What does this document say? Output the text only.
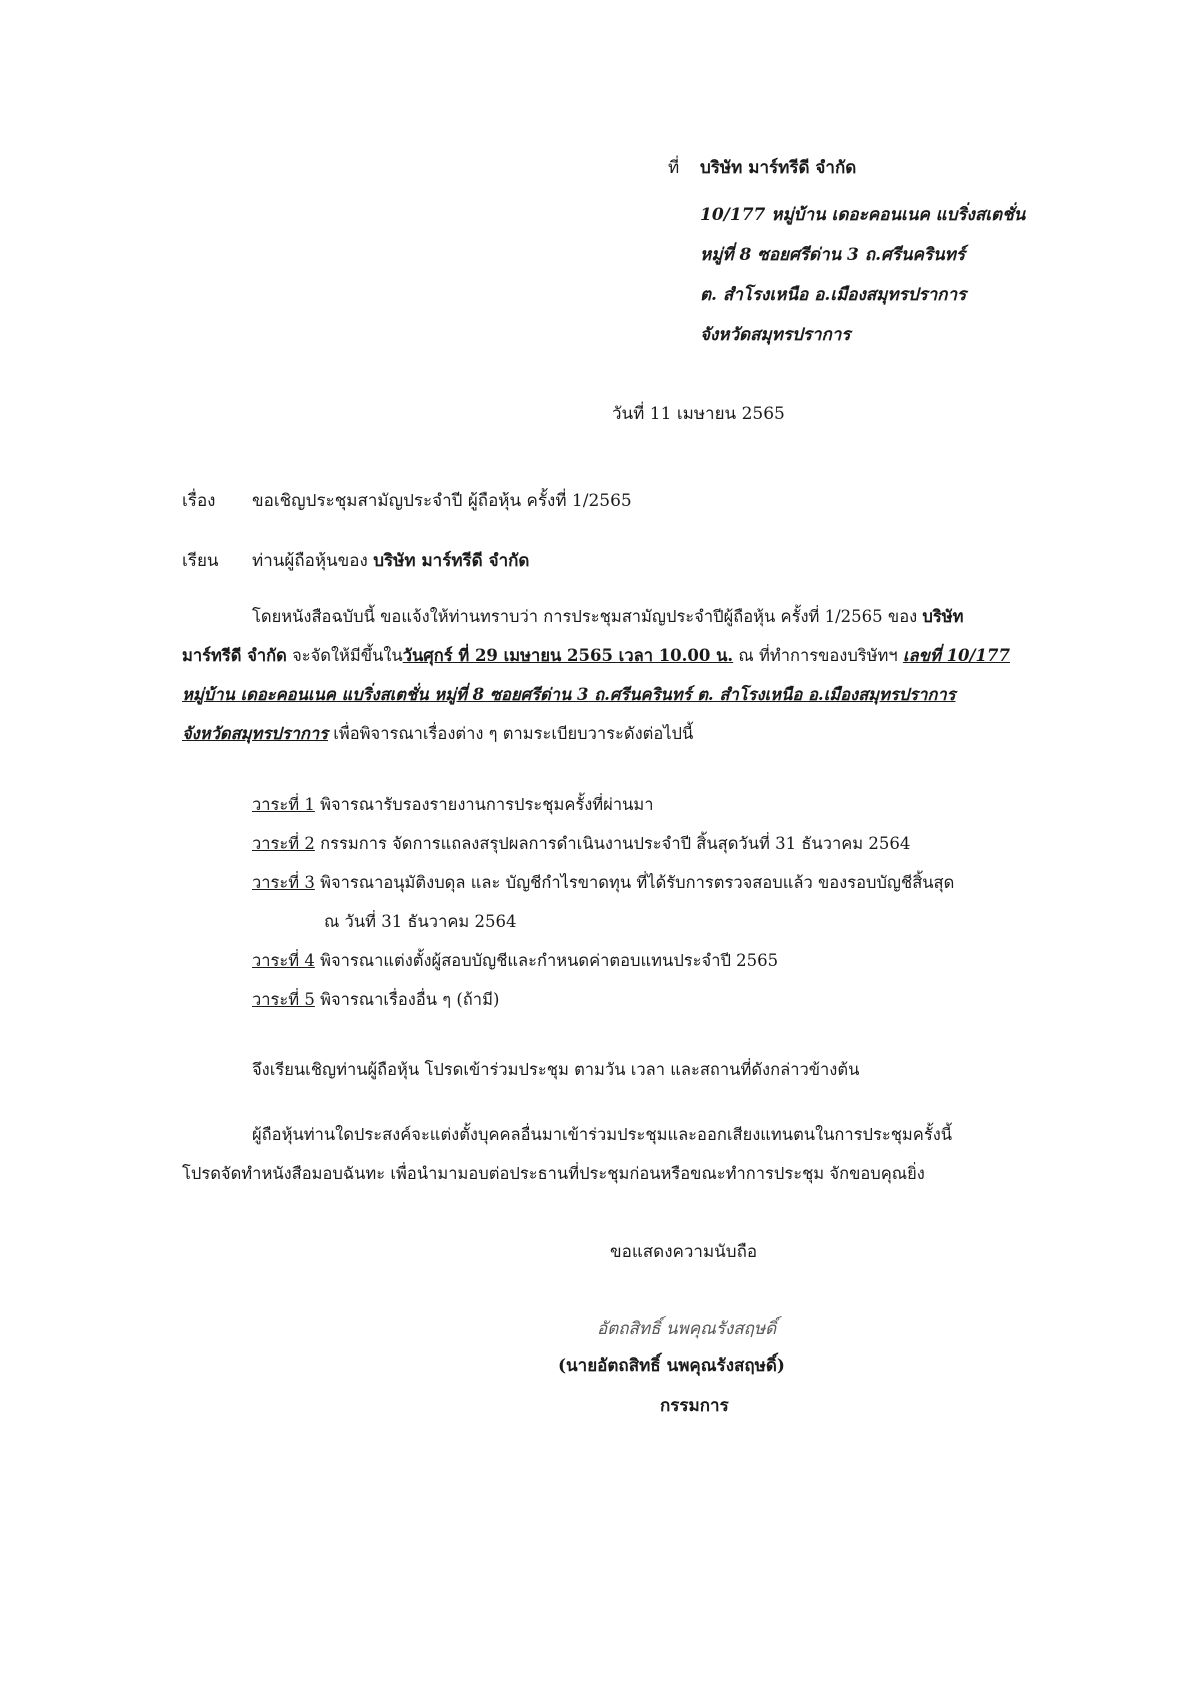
ที่ บริษัท มาร์ทรีดี จำกัด
10/177 หมู่บ้าน เดอะคอนเนค แบริ่งสเตชั่น
หมู่ที่ 8 ซอยศรีด่าน 3 ถ.ศรีนครินทร์
ต. สำโรงเหนือ อ.เมืองสมุทรปราการ
จังหวัดสมุทรปราการ
วันที่ 11 เมษายน 2565
เรื่อง ขอเชิญประชุมสามัญประจำปี ผู้ถือหุ้น ครั้งที่ 1/2565
เรียน ท่านผู้ถือหุ้นของ บริษัท มาร์ทรีดี จำกัด
โดยหนังสือฉบับนี้ ขอแจ้งให้ท่านทราบว่า การประชุมสามัญประจำปีผู้ถือหุ้น ครั้งที่ 1/2565 ของ บริษัท
มาร์ทรีดี จำกัด จะจัดให้มีขึ้นในวันศุกร์ ที่ 29 เมษายน 2565 เวลา 10.00 น. ณ ที่ทำการของบริษัทฯ เลขที่ 10/177
หมู่บ้าน เดอะคอนเนค แบริ่งสเตชั่น หมู่ที่ 8 ซอยศรีด่าน 3 ถ.ศรีนครินทร์ ต. สำโรงเหนือ อ.เมืองสมุทรปราการ
จังหวัดสมุทรปราการ เพื่อพิจารณาเรื่องต่าง ๆ ตามระเบียบวาระดังต่อไปนี้
วาระที่ 1 พิจารณารับรองรายงานการประชุมครั้งที่ผ่านมา
วาระที่ 2 กรรมการ จัดการแถลงสรุปผลการดำเนินงานประจำปี สิ้นสุดวันที่ 31 ธันวาคม 2564
วาระที่ 3 พิจารณาอนุมัติงบดุล และ บัญชีกำไรขาดทุน ที่ได้รับการตรวจสอบแล้ว ของรอบบัญชีสิ้นสุด
ณ วันที่ 31 ธันวาคม 2564
วาระที่ 4 พิจารณาแต่งตั้งผู้สอบบัญชีและกำหนดค่าตอบแทนประจำปี 2565
วาระที่ 5 พิจารณาเรื่องอื่น ๆ (ถ้ามี)
จึงเรียนเชิญท่านผู้ถือหุ้น โปรดเข้าร่วมประชุม ตามวัน เวลา และสถานที่ดังกล่าวข้างต้น
ผู้ถือหุ้นท่านใดประสงค์จะแต่งตั้งบุคคลอื่นมาเข้าร่วมประชุมและออกเสียงแทนตนในการประชุมครั้งนี้
โปรดจัดทำหนังสือมอบฉันทะ เพื่อนำมามอบต่อประธานที่ประชุมก่อนหรือขณะทำการประชุม จักขอบคุณยิ่ง
ขอแสดงความนับถือ
อัตถสิทธิ์ นพคุณรังสฤษดิ์
(นายอัตถสิทธิ์ นพคุณรังสฤษดิ์)
กรรมการ
